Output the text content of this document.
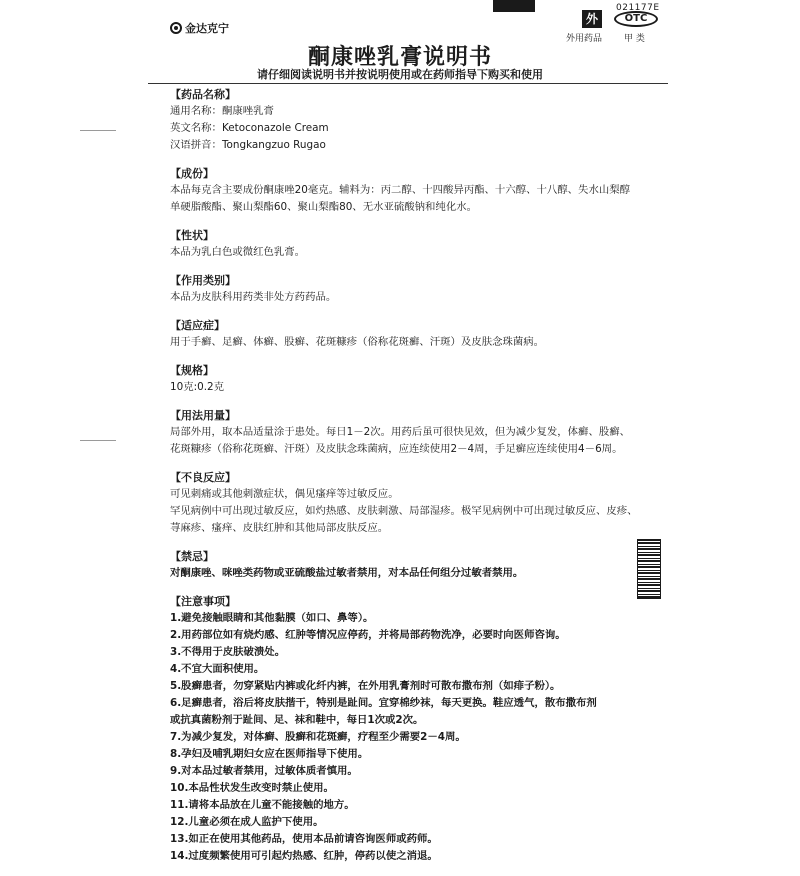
金达克宁
021177E
外	OTC
外用药品 甲 类
酮康唑乳膏说明书
请仔细阅读说明书并按说明使用或在药师指导下购买和使用
【药品名称】
通用名称：酮康唑乳膏
英文名称：Ketoconazole Cream
汉语拼音：Tongkangzuo Rugao
【成份】
本品每克含主要成份酮康唑20毫克。辅料为：丙二醇、十四酸异丙酯、十六醇、十八醇、失水山梨醇
单硬脂酸酯、聚山梨酯60、聚山梨酯80、无水亚硫酸钠和纯化水。
【性状】
本品为乳白色或微红色乳膏。
【作用类别】
本品为皮肤科用药类非处方药药品。
【适应症】
用于手癣、足癣、体癣、股癣、花斑糠疹（俗称花斑癣、汗斑）及皮肤念珠菌病。
【规格】
10克:0.2克
【用法用量】
局部外用，取本品适量涂于患处。每日1－2次。用药后虽可很快见效，但为减少复发，体癣、股癣、
花斑糠疹（俗称花斑癣、汗斑）及皮肤念珠菌病，应连续使用2－4周，手足癣应连续使用4－6周。
【不良反应】
可见刺痛或其他刺激症状，偶见瘙痒等过敏反应。
罕见病例中可出现过敏反应，如灼热感、皮肤刺激、局部湿疹。极罕见病例中可出现过敏反应、皮疹、
荨麻疹、瘙痒、皮肤红肿和其他局部皮肤反应。
【禁忌】
对酮康唑、咪唑类药物或亚硫酸盐过敏者禁用，对本品任何组分过敏者禁用。
【注意事项】
1.避免接触眼睛和其他黏膜（如口、鼻等）。
2.用药部位如有烧灼感、红肿等情况应停药，并将局部药物洗净，必要时向医师咨询。
3.不得用于皮肤破溃处。
4.不宜大面积使用。
5.股癣患者，勿穿紧贴内裤或化纤内裤，在外用乳膏剂时可散布撒布剂（如痱子粉）。
6.足癣患者，浴后将皮肤揩干，特别是趾间。宜穿棉纱袜，每天更换。鞋应透气，散布撒布剂
或抗真菌粉剂于趾间、足、袜和鞋中，每日1次或2次。
7.为减少复发，对体癣、股癣和花斑癣，疗程至少需要2－4周。
8.孕妇及哺乳期妇女应在医师指导下使用。
9.对本品过敏者禁用，过敏体质者慎用。
10.本品性状发生改变时禁止使用。
11.请将本品放在儿童不能接触的地方。
12.儿童必须在成人监护下使用。
13.如正在使用其他药品，使用本品前请咨询医师或药师。
14.过度频繁使用可引起灼热感、红肿，停药以使之消退。
